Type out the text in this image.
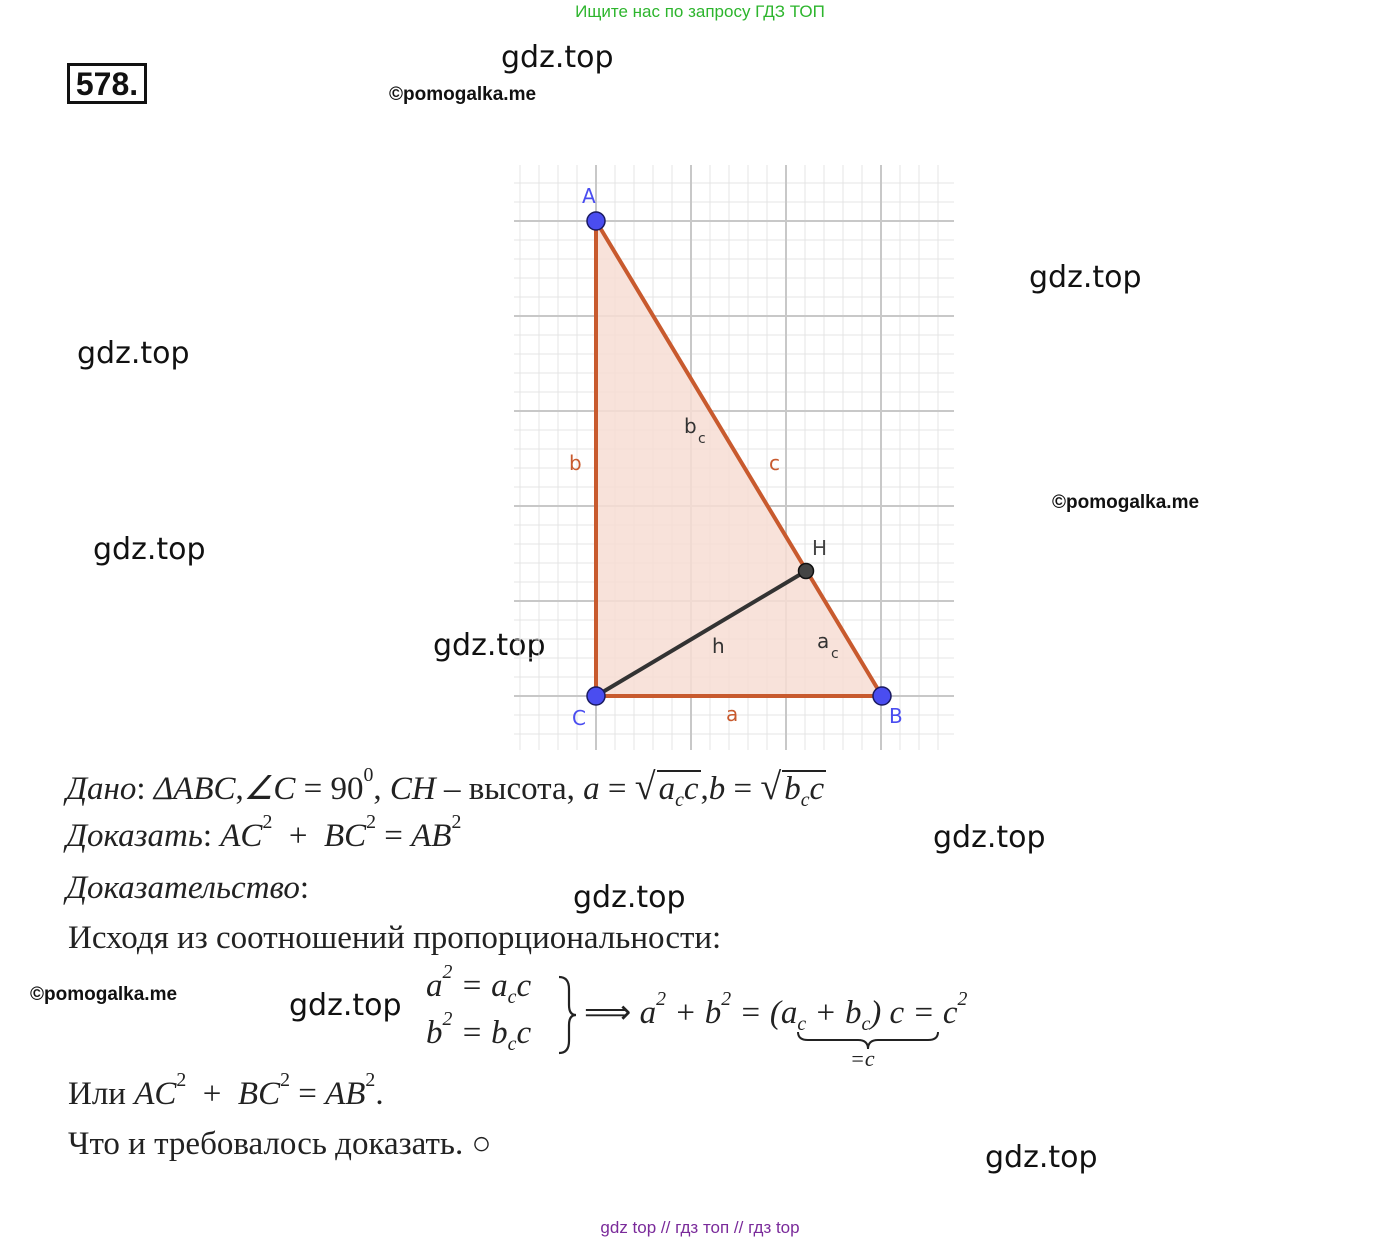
Ищите нас по запросу ГДЗ ТОП
578.
gdz.top
©pomogalka.me
gdz.top
gdz.top
©pomogalka.me
gdz.top
gdz.top
gdz.top
gdz.top
©pomogalka.me	gdz.top
gdz.top
A
C	B
H
b	c
a
h
b
c
a
c
Дано: ΔABC,∠C = $90^0$, CH – высота, $a = √a_cc,b = √b_cc$
Доказать: $AC^2 + BC^2 = AB^2$
Доказательство:
Исходя из соотношений пропорциональности:
$a^2 = a_cc$
$b^2 = b_cc$
⟹ $a^2 + b^2 = (a_c + b_c) c = c^2$
=c
Или $AC^2 + BC^2 = AB^2$.
Что и требовалось доказать. ○
gdz top // гдз топ // гдз top
